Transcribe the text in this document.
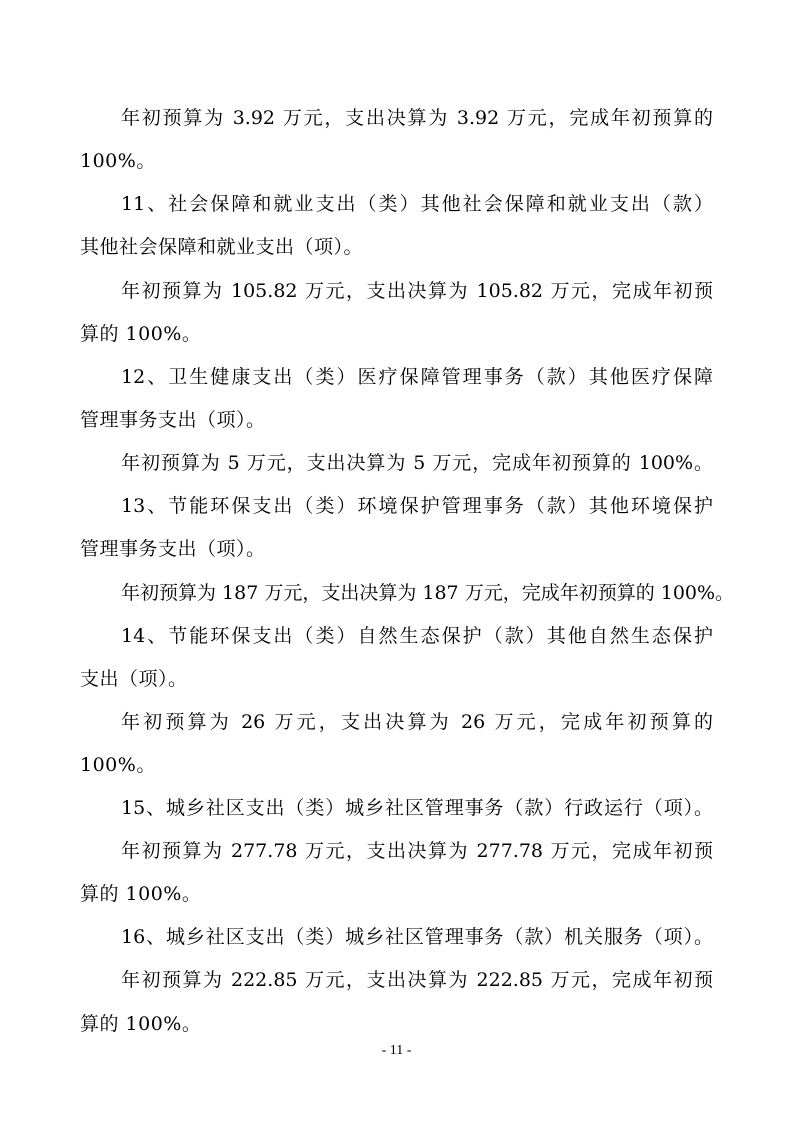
年初预算为 3.92 万元，支出决算为 3.92 万元，完成年初预算的
100%。
11、社会保障和就业支出（类）其他社会保障和就业支出（款）
其他社会保障和就业支出（项）。
年初预算为 105.82 万元，支出决算为 105.82 万元，完成年初预
算的 100%。
12、卫生健康支出（类）医疗保障管理事务（款）其他医疗保障
管理事务支出（项）。
年初预算为 5 万元，支出决算为 5 万元，完成年初预算的 100%。
13、节能环保支出（类）环境保护管理事务（款）其他环境保护
管理事务支出（项）。
年初预算为 187 万元，支出决算为 187 万元，完成年初预算的 100%。
14、节能环保支出（类）自然生态保护（款）其他自然生态保护
支出（项）。
年初预算为 26 万元，支出决算为 26 万元，完成年初预算的
100%。
15、城乡社区支出（类）城乡社区管理事务（款）行政运行（项）。
年初预算为 277.78 万元，支出决算为 277.78 万元，完成年初预
算的 100%。
16、城乡社区支出（类）城乡社区管理事务（款）机关服务（项）。
年初预算为 222.85 万元，支出决算为 222.85 万元，完成年初预
算的 100%。
- 11 -
